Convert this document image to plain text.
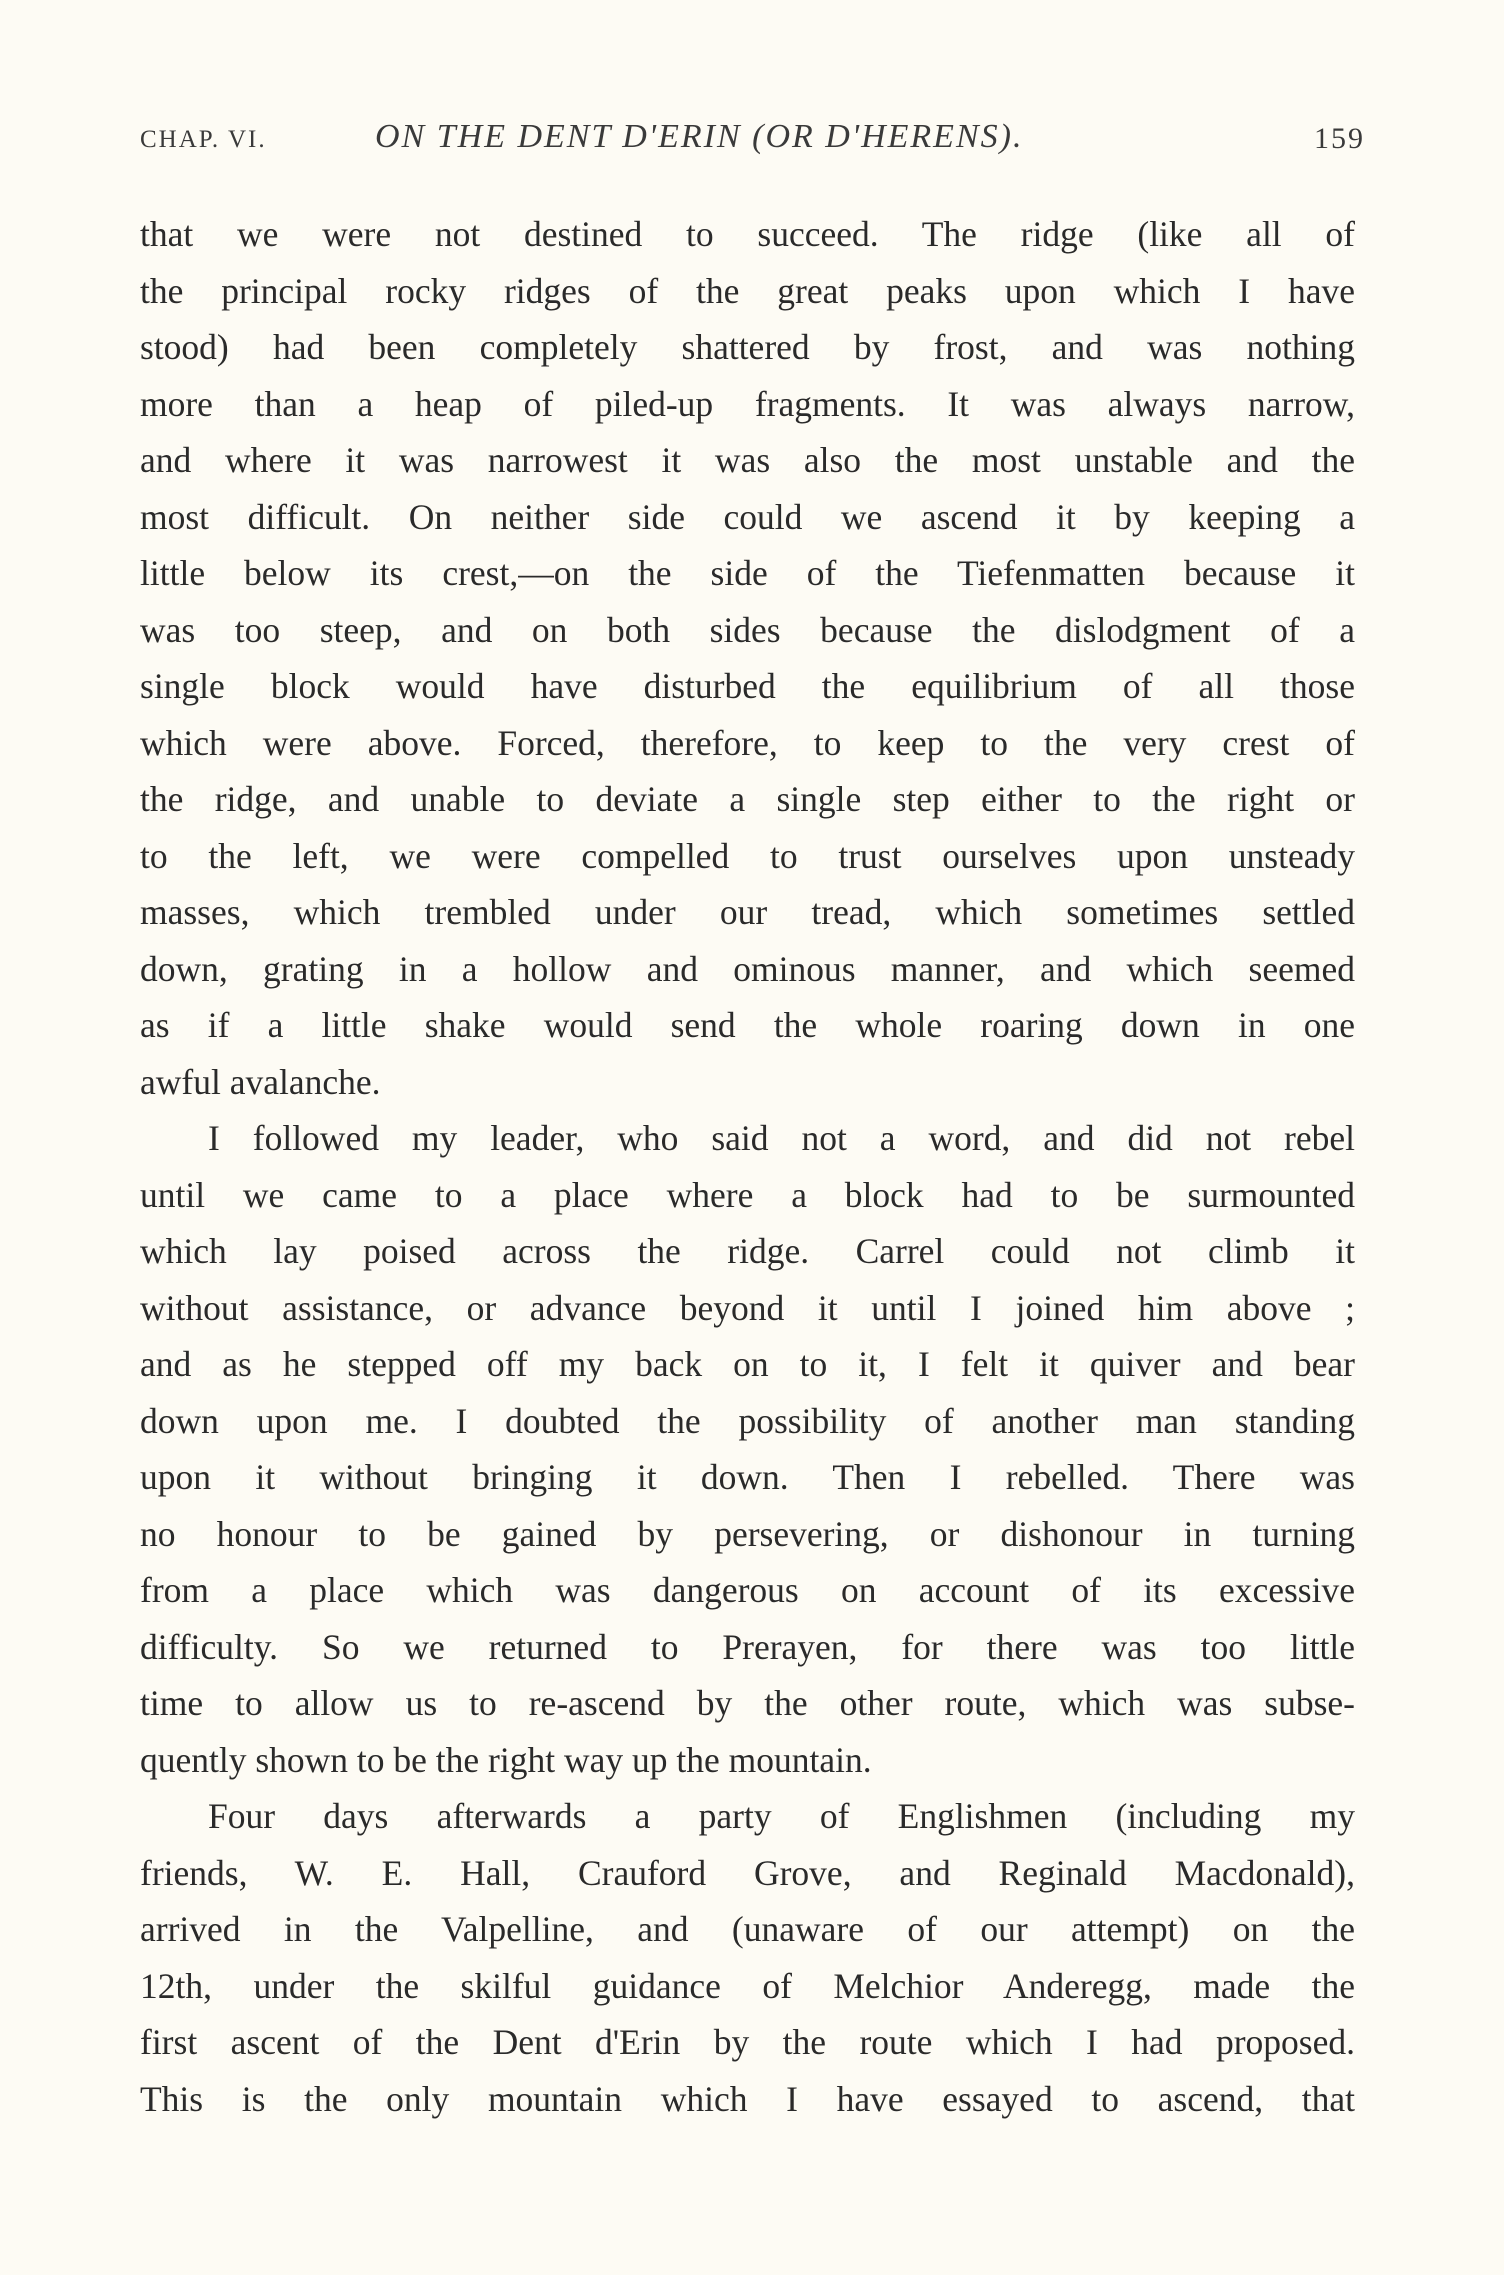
CHAP. VI.	ON THE DENT D'ERIN (OR D'HERENS).	159
that we were not destined to succeed. The ridge (like all of
the principal rocky ridges of the great peaks upon which I have
stood) had been completely shattered by frost, and was nothing
more than a heap of piled-up fragments. It was always narrow,
and where it was narrowest it was also the most unstable and the
most difficult. On neither side could we ascend it by keeping a
little below its crest,—on the side of the Tiefenmatten because it
was too steep, and on both sides because the dislodgment of a
single block would have disturbed the equilibrium of all those
which were above. Forced, therefore, to keep to the very crest of
the ridge, and unable to deviate a single step either to the right or
to the left, we were compelled to trust ourselves upon unsteady
masses, which trembled under our tread, which sometimes settled
down, grating in a hollow and ominous manner, and which seemed
as if a little shake would send the whole roaring down in one
awful avalanche.
I followed my leader, who said not a word, and did not rebel
until we came to a place where a block had to be surmounted
which lay poised across the ridge. Carrel could not climb it
without assistance, or advance beyond it until I joined him above ;
and as he stepped off my back on to it, I felt it quiver and bear
down upon me. I doubted the possibility of another man standing
upon it without bringing it down. Then I rebelled. There was
no honour to be gained by persevering, or dishonour in turning
from a place which was dangerous on account of its excessive
difficulty. So we returned to Prerayen, for there was too little
time to allow us to re-ascend by the other route, which was subse-
quently shown to be the right way up the mountain.
Four days afterwards a party of Englishmen (including my
friends, W. E. Hall, Crauford Grove, and Reginald Macdonald),
arrived in the Valpelline, and (unaware of our attempt) on the
12th, under the skilful guidance of Melchior Anderegg, made the
first ascent of the Dent d'Erin by the route which I had proposed.
This is the only mountain which I have essayed to ascend, that
